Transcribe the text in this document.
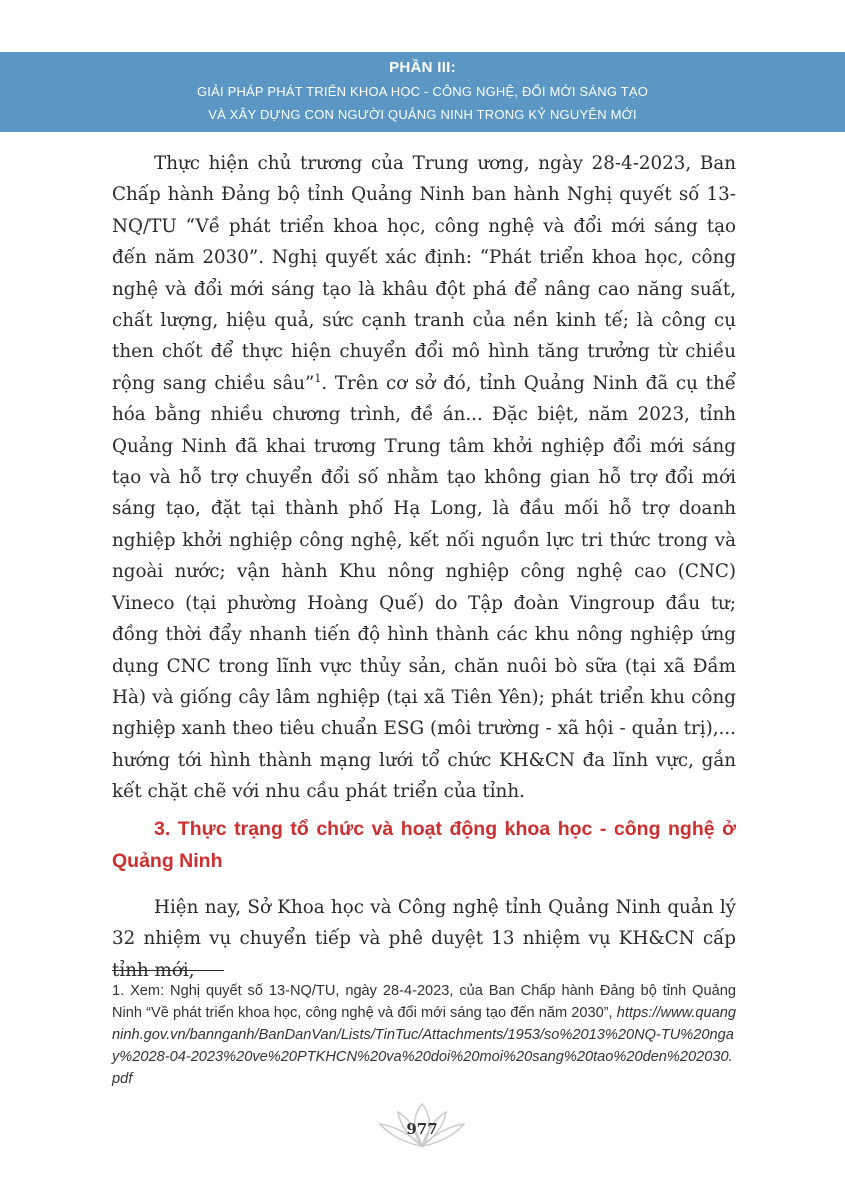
PHẦN III:
GIẢI PHÁP PHÁT TRIỂN KHOA HỌC - CÔNG NGHỆ, ĐỔI MỚI SÁNG TẠO
VÀ XÂY DỰNG CON NGƯỜI QUẢNG NINH TRONG KỶ NGUYÊN MỚI

Thực hiện chủ trương của Trung ương, ngày 28-4-2023, Ban Chấp hành Đảng bộ tỉnh Quảng Ninh ban hành Nghị quyết số 13-NQ/TU “Về phát triển khoa học, công nghệ và đổi mới sáng tạo đến năm 2030”. Nghị quyết xác định: “Phát triển khoa học, công nghệ và đổi mới sáng tạo là khâu đột phá để nâng cao năng suất, chất lượng, hiệu quả, sức cạnh tranh của nền kinh tế; là công cụ then chốt để thực hiện chuyển đổi mô hình tăng trưởng từ chiều rộng sang chiều sâu”$^1$. Trên cơ sở đó, tỉnh Quảng Ninh đã cụ thể hóa bằng nhiều chương trình, đề án... Đặc biệt, năm 2023, tỉnh Quảng Ninh đã khai trương Trung tâm khởi nghiệp đổi mới sáng tạo và hỗ trợ chuyển đổi số nhằm tạo không gian hỗ trợ đổi mới sáng tạo, đặt tại thành phố Hạ Long, là đầu mối hỗ trợ doanh nghiệp khởi nghiệp công nghệ, kết nối nguồn lực tri thức trong và ngoài nước; vận hành Khu nông nghiệp công nghệ cao (CNC) Vineco (tại phường Hoàng Quế) do Tập đoàn Vingroup đầu tư; đồng thời đẩy nhanh tiến độ hình thành các khu nông nghiệp ứng dụng CNC trong lĩnh vực thủy sản, chăn nuôi bò sữa (tại xã Đầm Hà) và giống cây lâm nghiệp (tại xã Tiên Yên); phát triển khu công nghiệp xanh theo tiêu chuẩn ESG (môi trường - xã hội - quản trị),... hướng tới hình thành mạng lưới tổ chức KH&CN đa lĩnh vực, gắn kết chặt chẽ với nhu cầu phát triển của tỉnh.

3. Thực trạng tổ chức và hoạt động khoa học - công nghệ ở Quảng Ninh

Hiện nay, Sở Khoa học và Công nghệ tỉnh Quảng Ninh quản lý 32 nhiệm vụ chuyển tiếp và phê duyệt 13 nhiệm vụ KH&CN cấp tỉnh mới,

1. Xem: Nghị quyết số 13-NQ/TU, ngày 28-4-2023, của Ban Chấp hành Đảng bộ tỉnh Quảng Ninh “Về phát triển khoa học, công nghệ và đổi mới sáng tạo đến năm 2030”, https://www.quangninh.gov.vn/bannganh/BanDanVan/Lists/TinTuc/Attachments/1953/so%2013%20NQ-TU%20ngay%2028-04-2023%20ve%20PTKHCN%20va%20doi%20moi%20sang%20tao%20den%202030.pdf
977
